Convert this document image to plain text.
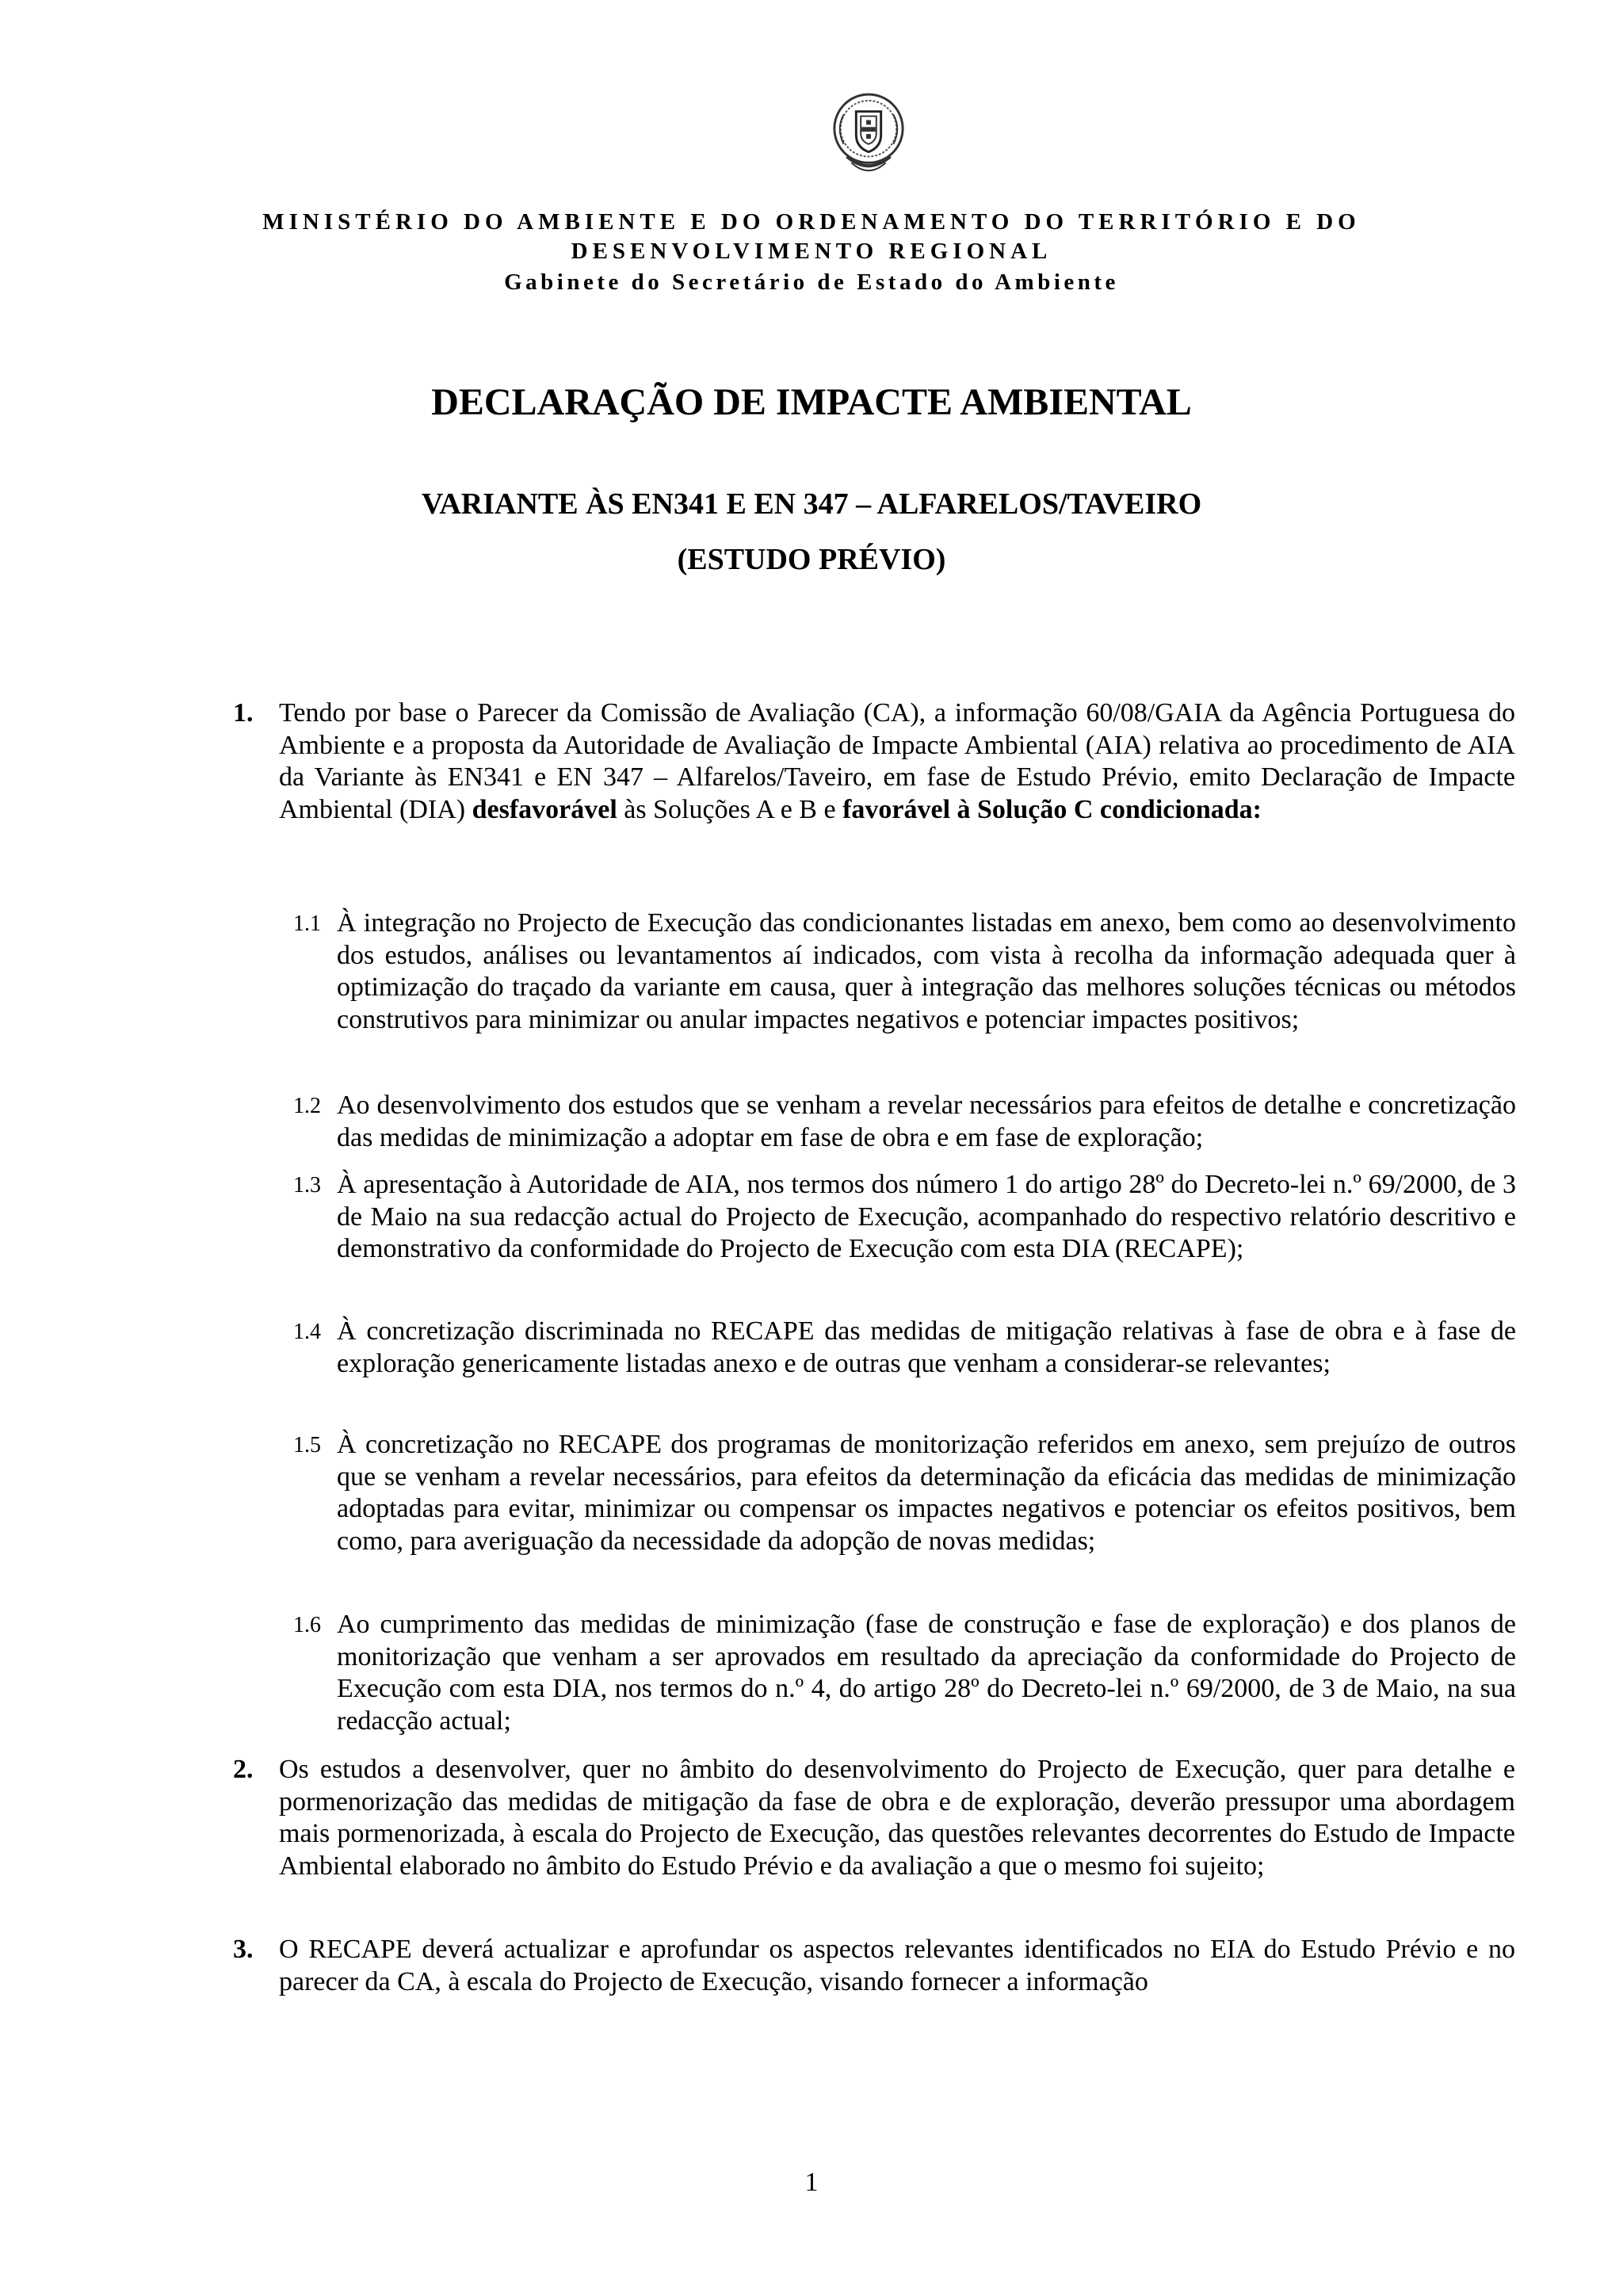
MINISTÉRIO DO AMBIENTE E DO ORDENAMENTO DO TERRITÓRIO E DO
DESENVOLVIMENTO REGIONAL
Gabinete do Secretário de Estado do Ambiente
DECLARAÇÃO DE IMPACTE AMBIENTAL
VARIANTE ÀS EN341 E EN 347 – ALFARELOS/TAVEIRO
(ESTUDO PRÉVIO)
1. Tendo por base o Parecer da Comissão de Avaliação (CA), a informação 60/08/GAIA da Agência Portuguesa do Ambiente e a proposta da Autoridade de Avaliação de Impacte Ambiental (AIA) relativa ao procedimento de AIA da Variante às EN341 e EN 347 – Alfarelos/Taveiro, em fase de Estudo Prévio, emito Declaração de Impacte Ambiental (DIA) desfavorável às Soluções A e B e favorável à Solução C condicionada:
1.1 À integração no Projecto de Execução das condicionantes listadas em anexo, bem como ao desenvolvimento dos estudos, análises ou levantamentos aí indicados, com vista à recolha da informação adequada quer à optimização do traçado da variante em causa, quer à integração das melhores soluções técnicas ou métodos construtivos para minimizar ou anular impactes negativos e potenciar impactes positivos;
1.2 Ao desenvolvimento dos estudos que se venham a revelar necessários para efeitos de detalhe e concretização das medidas de minimização a adoptar em fase de obra e em fase de exploração;
1.3 À apresentação à Autoridade de AIA, nos termos dos número 1 do artigo 28º do Decreto-lei n.º 69/2000, de 3 de Maio na sua redacção actual do Projecto de Execução, acompanhado do respectivo relatório descritivo e demonstrativo da conformidade do Projecto de Execução com esta DIA (RECAPE);
1.4 À concretização discriminada no RECAPE das medidas de mitigação relativas à fase de obra e à fase de exploração genericamente listadas anexo e de outras que venham a considerar-se relevantes;
1.5 À concretização no RECAPE dos programas de monitorização referidos em anexo, sem prejuízo de outros que se venham a revelar necessários, para efeitos da determinação da eficácia das medidas de minimização adoptadas para evitar, minimizar ou compensar os impactes negativos e potenciar os efeitos positivos, bem como, para averiguação da necessidade da adopção de novas medidas;
1.6 Ao cumprimento das medidas de minimização (fase de construção e fase de exploração) e dos planos de monitorização que venham a ser aprovados em resultado da apreciação da conformidade do Projecto de Execução com esta DIA, nos termos do n.º 4, do artigo 28º do Decreto-lei n.º 69/2000, de 3 de Maio, na sua redacção actual;
2. Os estudos a desenvolver, quer no âmbito do desenvolvimento do Projecto de Execução, quer para detalhe e pormenorização das medidas de mitigação da fase de obra e de exploração, deverão pressupor uma abordagem mais pormenorizada, à escala do Projecto de Execução, das questões relevantes decorrentes do Estudo de Impacte Ambiental elaborado no âmbito do Estudo Prévio e da avaliação a que o mesmo foi sujeito;
3. O RECAPE deverá actualizar e aprofundar os aspectos relevantes identificados no EIA do Estudo Prévio e no parecer da CA, à escala do Projecto de Execução, visando fornecer a informação
1
